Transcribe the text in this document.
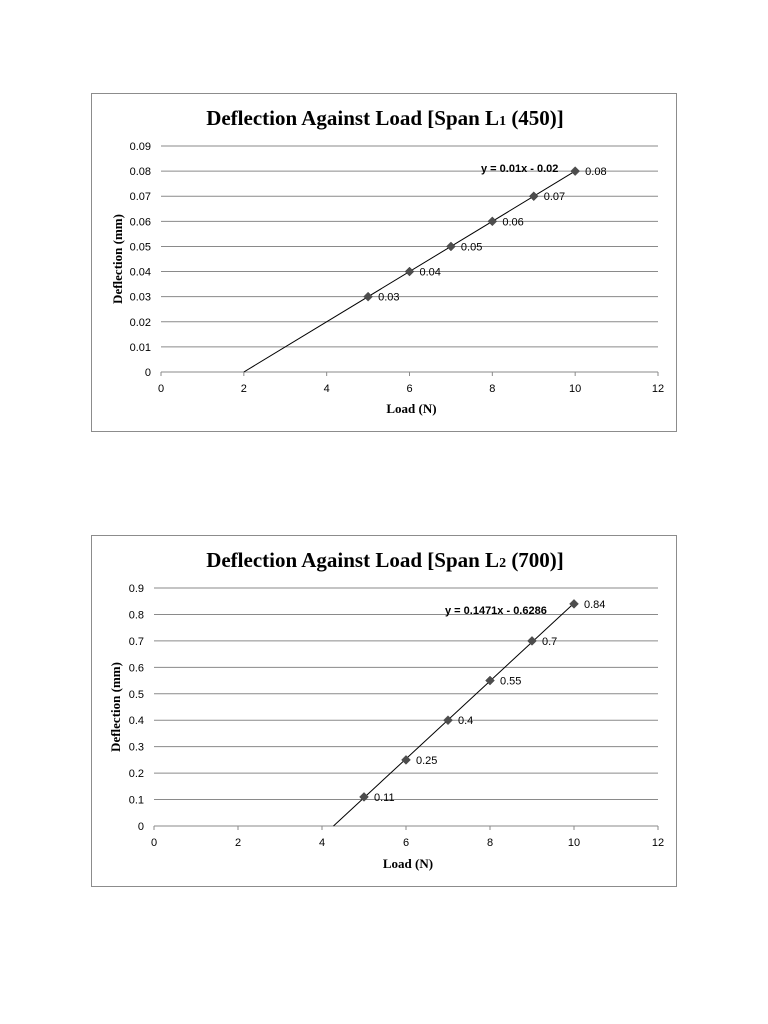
Deflection Against Load [Span L1 (450)]
0
0.01
0.02
0.03
0.04
0.05
0.06
0.07
0.08
0.09
0	2	4	6	8	10	12
Load (N)
Deflection (mm)	0.03
0.04
0.05
0.06
0.07
0.08
y = 0.01x - 0.02
Deflection Against Load [Span L2 (700)]
0
0.1
0.2
0.3
0.4
0.5
0.6
0.7
0.8
0.9
0	2	4	6	8	10	12
Load (N)
Deflection (mm)
0.11
0.25
0.4
0.55
0.7
0.84
y = 0.1471x - 0.6286
